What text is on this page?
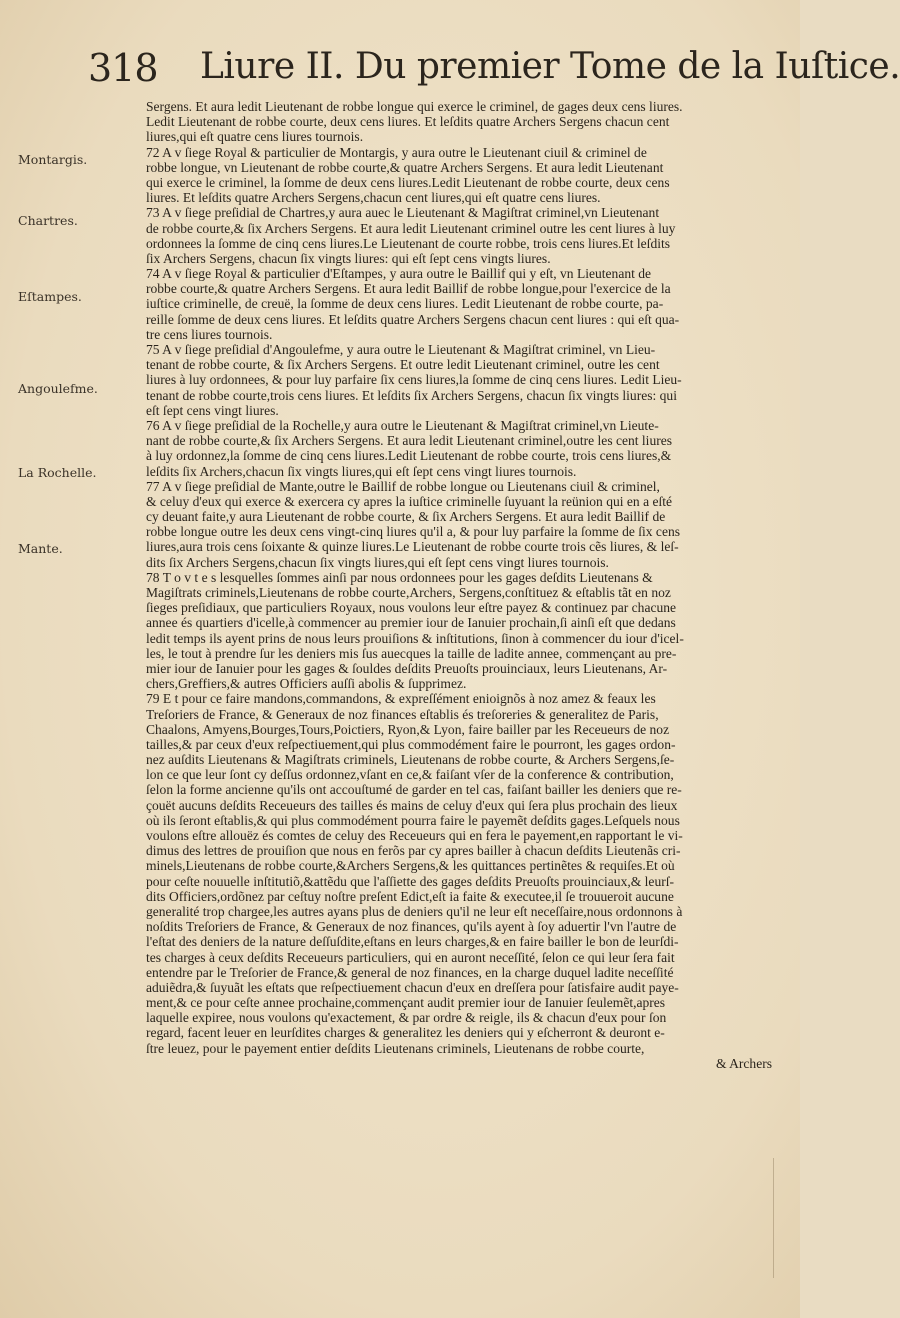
318 Liure II. Du premier Tome de la Iuſtice.
Montargis.
Chartres.
Eſtampes.
Angoulefme.
La Rochelle.
Mante.
Sergens. Et aura ledit Lieutenant de robbe longue qui exerce le criminel, de gages deux cens liures.
Ledit Lieutenant de robbe courte, deux cens liures. Et leſdits quatre Archers Sergens chacun cent
liures,qui eſt quatre cens liures tournois.
72 A v ſiege Royal & particulier de Montargis, y aura outre le Lieutenant ciuil & criminel de
robbe longue, vn Lieutenant de robbe courte,& quatre Archers Sergens. Et aura ledit Lieutenant
qui exerce le criminel, la ſomme de deux cens liures.Ledit Lieutenant de robbe courte, deux cens
liures. Et leſdits quatre Archers Sergens,chacun cent liures,qui eſt quatre cens liures.
73 A v ſiege preſidial de Chartres,y aura auec le Lieutenant & Magiſtrat criminel,vn Lieutenant
de robbe courte,& ſix Archers Sergens. Et aura ledit Lieutenant criminel outre les cent liures à luy
ordonnees la ſomme de cinq cens liures.Le Lieutenant de courte robbe, trois cens liures.Et leſdits
ſix Archers Sergens, chacun ſix vingts liures: qui eſt ſept cens vingts liures.
74 A v ſiege Royal & particulier d'Eſtampes, y aura outre le Baillif qui y eſt, vn Lieutenant de
robbe courte,& quatre Archers Sergens. Et aura ledit Baillif de robbe longue,pour l'exercice de la
iuſtice criminelle, de creuë, la ſomme de deux cens liures. Ledit Lieutenant de robbe courte, pa-
reille ſomme de deux cens liures. Et leſdits quatre Archers Sergens chacun cent liures : qui eſt qua-
tre cens liures tournois.
75 A v ſiege preſidial d'Angoulefme, y aura outre le Lieutenant & Magiſtrat criminel, vn Lieu-
tenant de robbe courte, & ſix Archers Sergens. Et outre ledit Lieutenant criminel, outre les cent
liures à luy ordonnees, & pour luy parfaire ſix cens liures,la ſomme de cinq cens liures. Ledit Lieu-
tenant de robbe courte,trois cens liures. Et leſdits ſix Archers Sergens, chacun ſix vingts liures: qui
eſt ſept cens vingt liures.
76 A v ſiege preſidial de la Rochelle,y aura outre le Lieutenant & Magiſtrat criminel,vn Lieute-
nant de robbe courte,& ſix Archers Sergens. Et aura ledit Lieutenant criminel,outre les cent liures
à luy ordonnez,la ſomme de cinq cens liures.Ledit Lieutenant de robbe courte, trois cens liures,&
leſdits ſix Archers,chacun ſix vingts liures,qui eſt ſept cens vingt liures tournois.
77 A v ſiege preſidial de Mante,outre le Baillif de robbe longue ou Lieutenans ciuil & criminel,
& celuy d'eux qui exerce & exercera cy apres la iuſtice criminelle ſuyuant la reünion qui en a eſté
cy deuant faite,y aura Lieutenant de robbe courte, & ſix Archers Sergens. Et aura ledit Baillif de
robbe longue outre les deux cens vingt-cinq liures qu'il a, & pour luy parfaire la ſomme de ſix cens
liures,aura trois cens ſoixante & quinze liures.Le Lieutenant de robbe courte trois cẽs liures, & leſ-
dits ſix Archers Sergens,chacun ſix vingts liures,qui eſt ſept cens vingt liures tournois.
78 T o v t e s lesquelles ſommes ainſi par nous ordonnees pour les gages deſdits Lieutenans &
Magiſtrats criminels,Lieutenans de robbe courte,Archers, Sergens,conſtituez & eſtablis tãt en noz
ſieges preſidiaux, que particuliers Royaux, nous voulons leur eſtre payez & continuez par chacune
annee és quartiers d'icelle,à commencer au premier iour de Ianuier prochain,ſi ainſi eſt que dedans
ledit temps ils ayent prins de nous leurs prouiſions & inſtitutions, ſinon à commencer du iour d'icel-
les, le tout à prendre ſur les deniers mis ſus auecques la taille de ladite annee, commençant au pre-
mier iour de Ianuier pour les gages & ſouldes deſdits Preuoſts prouinciaux, leurs Lieutenans, Ar-
chers,Greffiers,& autres Officiers auſſi abolis & ſupprimez.
79 E t pour ce faire mandons,commandons, & expreſſément enioignõs à noz amez & feaux les
Treſoriers de France, & Generaux de noz finances eſtablis és treſoreries & generalitez de Paris,
Chaalons, Amyens,Bourges,Tours,Poictiers, Ryon,& Lyon, faire bailler par les Receueurs de noz
tailles,& par ceux d'eux reſpectiuement,qui plus commodément faire le pourront, les gages ordon-
nez auſdits Lieutenans & Magiſtrats criminels, Lieutenans de robbe courte, & Archers Sergens,ſe-
lon ce que leur ſont cy deſſus ordonnez,vſant en ce,& faiſant vſer de la conference & contribution,
ſelon la forme ancienne qu'ils ont accouſtumé de garder en tel cas, faiſant bailler les deniers que re-
çouët aucuns deſdits Receueurs des tailles és mains de celuy d'eux qui ſera plus prochain des lieux
où ils ſeront eſtablis,& qui plus commodément pourra faire le payemẽt deſdits gages.Leſquels nous
voulons eſtre allouëz és comtes de celuy des Receueurs qui en fera le payement,en rapportant le vi-
dimus des lettres de prouiſion que nous en ferõs par cy apres bailler à chacun deſdits Lieutenãs cri-
minels,Lieutenans de robbe courte,&Archers Sergens,& les quittances pertinẽtes & requiſes.Et où
pour ceſte nouuelle inſtitutiõ,&attẽdu que l'aſſiette des gages deſdits Preuoſts prouinciaux,& leurſ-
dits Officiers,ordõnez par ceſtuy noſtre preſent Edict,eſt ia faite & executee,il ſe trouueroit aucune
generalité trop chargee,les autres ayans plus de deniers qu'il ne leur eſt neceſſaire,nous ordonnons à
noſdits Treſoriers de France, & Generaux de noz finances, qu'ils ayent à ſoy aduertir l'vn l'autre de
l'eſtat des deniers de la nature deſſuſdite,eſtans en leurs charges,& en faire bailler le bon de leurſdi-
tes charges à ceux deſdits Receueurs particuliers, qui en auront neceſſité, ſelon ce qui leur ſera fait
entendre par le Treſorier de France,& general de noz finances, en la charge duquel ladite neceſſité
aduiẽdra,& ſuyuãt les eſtats que reſpectiuement chacun d'eux en dreſſera pour ſatisfaire audit paye-
ment,& ce pour ceſte annee prochaine,commençant audit premier iour de Ianuier ſeulemẽt,apres
laquelle expiree, nous voulons qu'exactement, & par ordre & reigle, ils & chacun d'eux pour ſon
regard, facent leuer en leurſdites charges & generalitez les deniers qui y eſcherront & deuront e-
ſtre leuez, pour le payement entier deſdits Lieutenans criminels, Lieutenans de robbe courte,
& Archers
